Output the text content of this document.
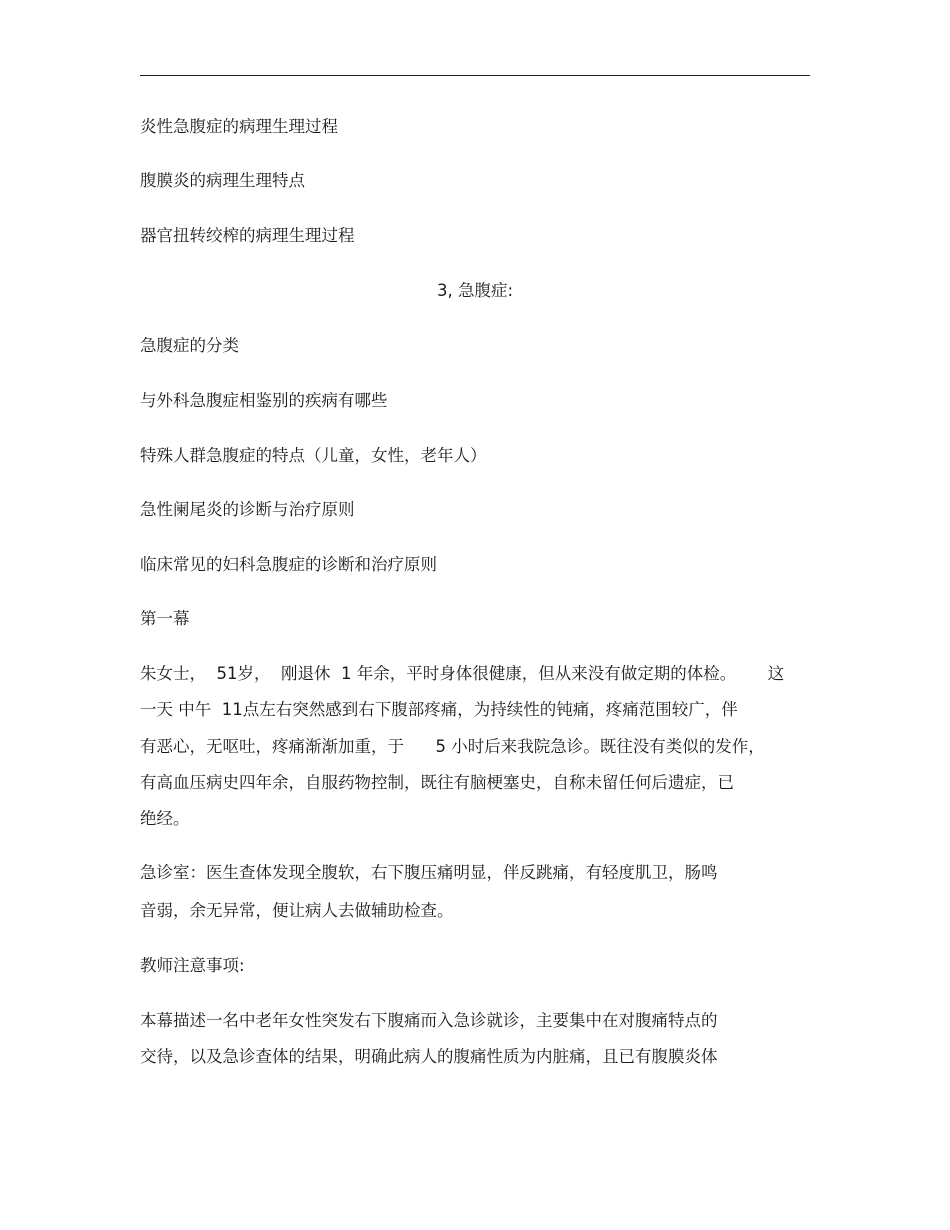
炎性急腹症的病理生理过程
腹膜炎的病理生理特点
器官扭转绞榨的病理生理过程
3, 急腹症:
急腹症的分类
与外科急腹症相鉴别的疾病有哪些
特殊人群急腹症的特点（儿童，女性，老年人）
急性阑尾炎的诊断与治疗原则
临床常见的妇科急腹症的诊断和治疗原则
第一幕
朱女士，  51岁，  刚退休  1 年余，平时身体很健康，但从来没有做定期的体检。      这
一天 中午  11点左右突然感到右下腹部疼痛，为持续性的钝痛，疼痛范围较广，伴
有恶心，无呕吐，疼痛渐渐加重，于      5 小时后来我院急诊。既往没有类似的发作，
有高血压病史四年余，自服药物控制，既往有脑梗塞史，自称未留任何后遗症，已
绝经。
急诊室：医生查体发现全腹软，右下腹压痛明显，伴反跳痛，有轻度肌卫，肠鸣
音弱，余无异常，便让病人去做辅助检查。
教师注意事项:
本幕描述一名中老年女性突发右下腹痛而入急诊就诊，主要集中在对腹痛特点的
交待，以及急诊查体的结果，明确此病人的腹痛性质为内脏痛，且已有腹膜炎体
